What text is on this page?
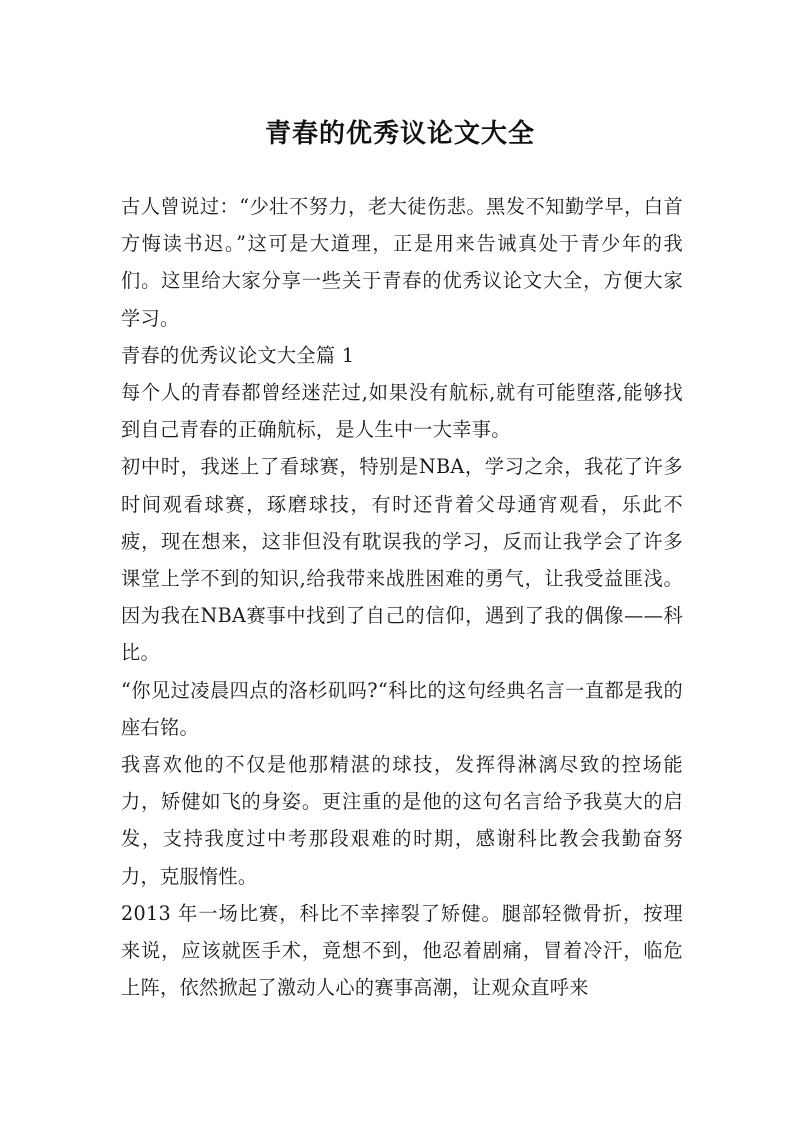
青春的优秀议论文大全

古人曾说过：“少壮不努力，老大徒伤悲。黑发不知勤学早，白首方悔读书迟。”这可是大道理，正是用来告诫真处于青少年的我们。这里给大家分享一些关于青春的优秀议论文大全，方便大家学习。

青春的优秀议论文大全篇 1

每个人的青春都曾经迷茫过,如果没有航标,就有可能堕落,能够找到自己青春的正确航标，是人生中一大幸事。

初中时，我迷上了看球赛，特别是NBA，学习之余，我花了许多时间观看球赛，琢磨球技，有时还背着父母通宵观看，乐此不疲，现在想来，这非但没有耽误我的学习，反而让我学会了许多课堂上学不到的知识,给我带来战胜困难的勇气，让我受益匪浅。因为我在NBA赛事中找到了自己的信仰，遇到了我的偶像——科比。

“你见过凌晨四点的洛杉矶吗?“科比的这句经典名言一直都是我的座右铭。

我喜欢他的不仅是他那精湛的球技，发挥得淋漓尽致的控场能力，矫健如飞的身姿。更注重的是他的这句名言给予我莫大的启发，支持我度过中考那段艰难的时期，感谢科比教会我勤奋努力，克服惰性。

2013 年一场比赛，科比不幸摔裂了矫健。腿部轻微骨折，按理来说，应该就医手术，竟想不到，他忍着剧痛，冒着冷汗，临危上阵，依然掀起了激动人心的赛事高潮，让观众直呼来
